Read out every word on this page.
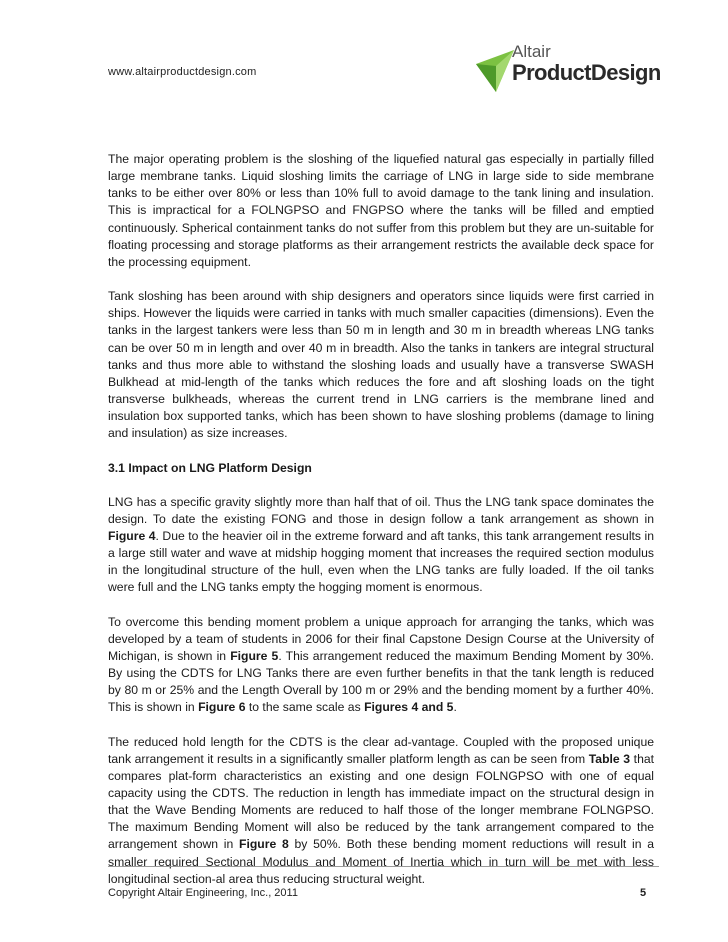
www.altairproductdesign.com
Altair
ProductDesign

The major operating problem is the sloshing of the liquefied natural gas especially in partially filled large membrane tanks. Liquid sloshing limits the carriage of LNG in large side to side membrane tanks to be either over 80% or less than 10% full to avoid damage to the tank lining and insulation. This is impractical for a FOLNGPSO and FNGPSO where the tanks will be filled and emptied continuously. Spherical containment tanks do not suffer from this problem but they are un-suitable for floating processing and storage platforms as their arrangement restricts the available deck space for the processing equipment.

Tank sloshing has been around with ship designers and operators since liquids were first carried in ships. However the liquids were carried in tanks with much smaller capacities (dimensions). Even the tanks in the largest tankers were less than 50 m in length and 30 m in breadth whereas LNG tanks can be over 50 m in length and over 40 m in breadth. Also the tanks in tankers are integral structural tanks and thus more able to withstand the sloshing loads and usually have a transverse SWASH Bulkhead at mid-length of the tanks which reduces the fore and aft sloshing loads on the tight transverse bulkheads, whereas the current trend in LNG carriers is the membrane lined and insulation box supported tanks, which has been shown to have sloshing problems (damage to lining and insulation) as size increases.

3.1 Impact on LNG Platform Design

LNG has a specific gravity slightly more than half that of oil. Thus the LNG tank space dominates the design. To date the existing FONG and those in design follow a tank arrangement as shown in Figure 4. Due to the heavier oil in the extreme forward and aft tanks, this tank arrangement results in a large still water and wave at midship hogging moment that increases the required section modulus in the longitudinal structure of the hull, even when the LNG tanks are fully loaded. If the oil tanks were full and the LNG tanks empty the hogging moment is enormous.

To overcome this bending moment problem a unique approach for arranging the tanks, which was developed by a team of students in 2006 for their final Capstone Design Course at the University of Michigan, is shown in Figure 5. This arrangement reduced the maximum Bending Moment by 30%. By using the CDTS for LNG Tanks there are even further benefits in that the tank length is reduced by 80 m or 25% and the Length Overall by 100 m or 29% and the bending moment by a further 40%. This is shown in Figure 6 to the same scale as Figures 4 and 5.

The reduced hold length for the CDTS is the clear ad-vantage. Coupled with the proposed unique tank arrangement it results in a significantly smaller platform length as can be seen from Table 3 that compares plat-form characteristics an existing and one design FOLNGPSO with one of equal capacity using the CDTS. The reduction in length has immediate impact on the structural design in that the Wave Bending Moments are reduced to half those of the longer membrane FOLNGPSO. The maximum Bending Moment will also be reduced by the tank arrangement compared to the arrangement shown in Figure 8 by 50%. Both these bending moment reductions will result in a smaller required Sectional Modulus and Moment of Inertia which in turn will be met with less longitudinal section-al area thus reducing structural weight.

Copyright Altair Engineering, Inc., 2011	5
